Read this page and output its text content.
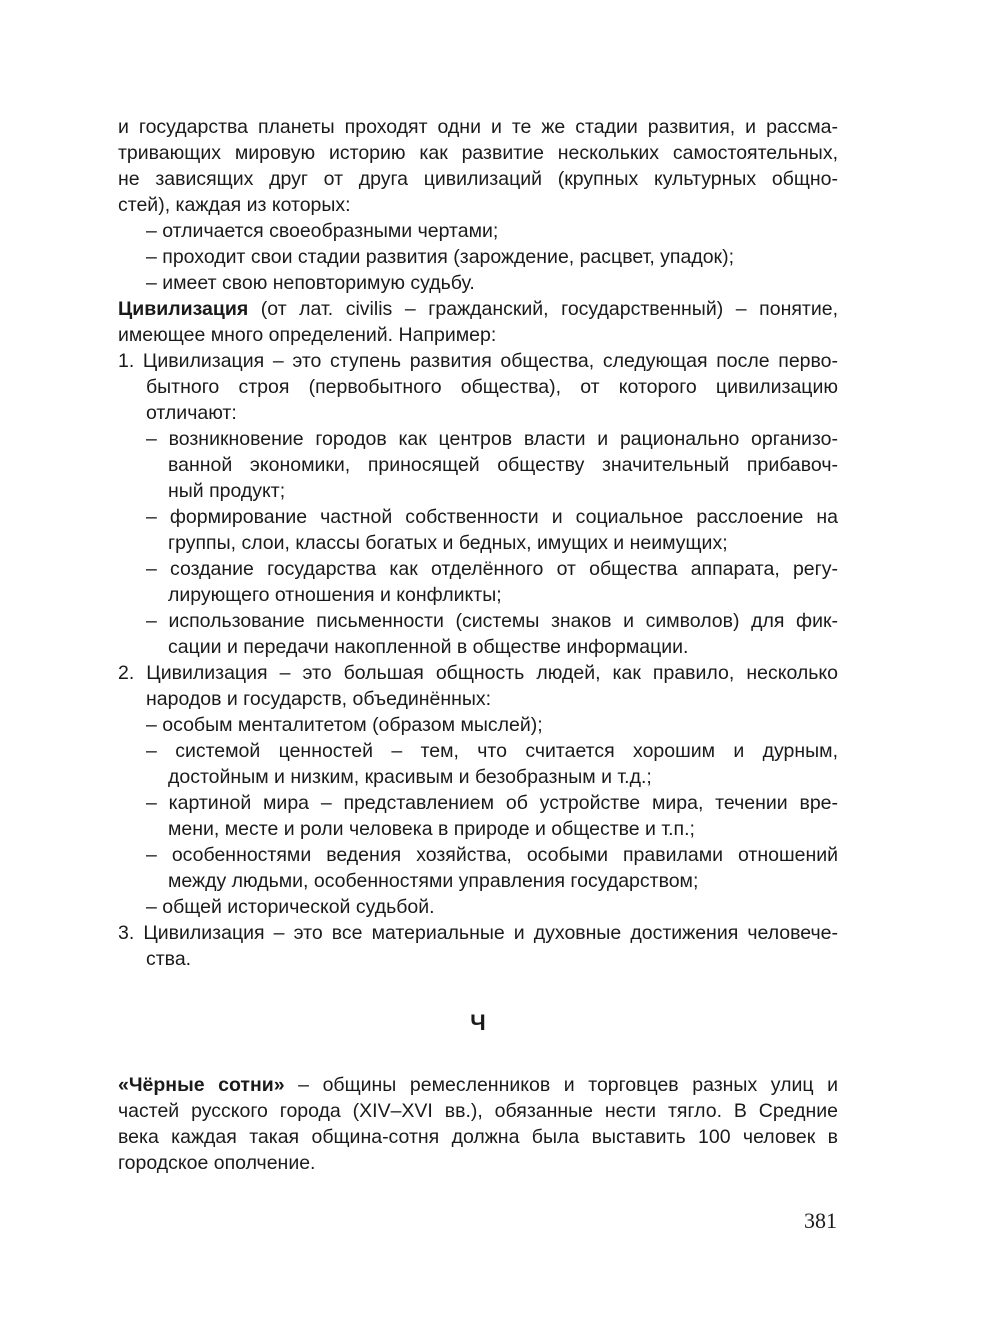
и государства планеты проходят одни и те же стадии развития, и рассма-
тривающих мировую историю как развитие нескольких самостоятельных,
не зависящих друг от друга цивилизаций (крупных культурных общно-
стей), каждая из которых:
– отличается своеобразными чертами;
– проходит свои стадии развития (зарождение, расцвет, упадок);
– имеет свою неповторимую судьбу.
Цивилизация (от лат. civilis – гражданский, государственный) – понятие,
имеющее много определений. Например:
1. Цивилизация – это ступень развития общества, следующая после перво-
бытного строя (первобытного общества), от которого цивилизацию
отличают:
– возникновение городов как центров власти и рационально организо-
ванной экономики, приносящей обществу значительный прибавоч-
ный продукт;
– формирование частной собственности и социальное расслоение на
группы, слои, классы богатых и бедных, имущих и неимущих;
– создание государства как отделённого от общества аппарата, регу-
лирующего отношения и конфликты;
– использование письменности (системы знаков и символов) для фик-
сации и передачи накопленной в обществе информации.
2. Цивилизация – это большая общность людей, как правило, несколько
народов и государств, объединённых:
– особым менталитетом (образом мыслей);
– системой ценностей – тем, что считается хорошим и дурным,
достойным и низким, красивым и безобразным и т.д.;
– картиной мира – представлением об устройстве мира, течении вре-
мени, месте и роли человека в природе и обществе и т.п.;
– особенностями ведения хозяйства, особыми правилами отношений
между людьми, особенностями управления государством;
– общей исторической судьбой.
3. Цивилизация – это все материальные и духовные достижения человече-
ства.
Ч
«Чёрные сотни» – общины ремесленников и торговцев разных улиц и
частей русского города (XIV–XVI вв.), обязанные нести тягло. В Средние
века каждая такая община-сотня должна была выставить 100 человек в
городское ополчение.
381
